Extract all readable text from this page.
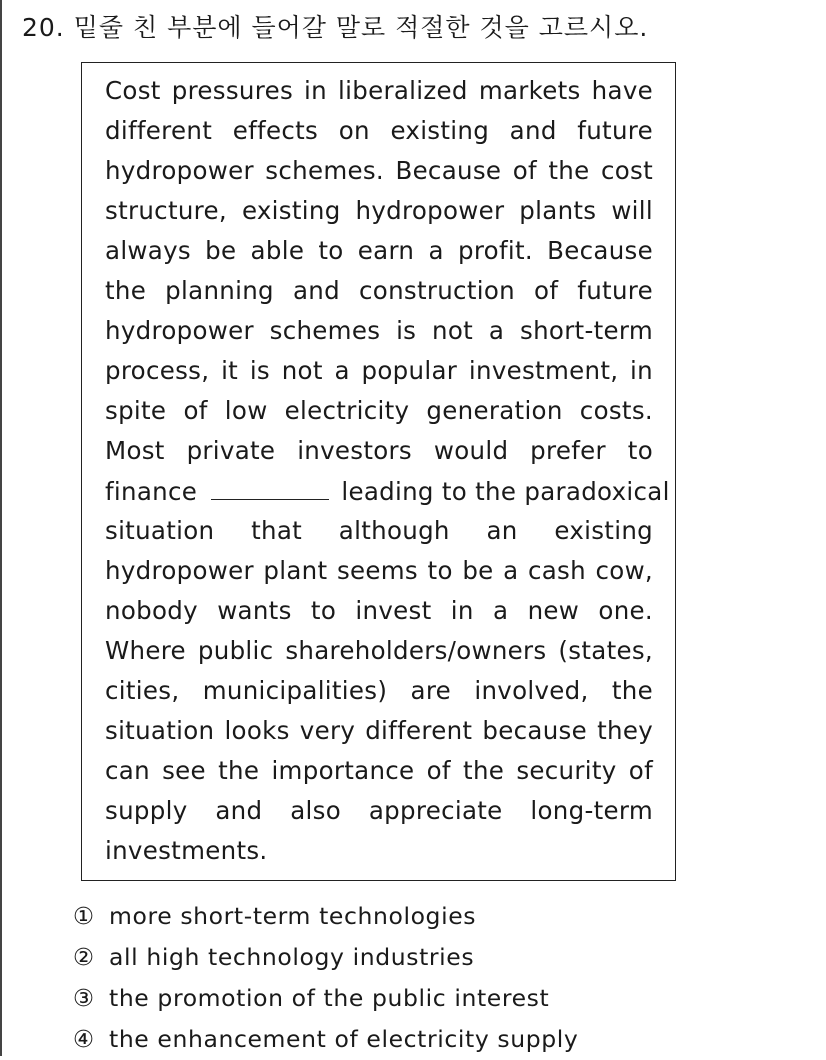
20. 밑줄 친 부분에 들어갈 말로 적절한 것을 고르시오.
Cost pressures in liberalized markets have
different effects on existing and future
hydropower schemes. Because of the cost
structure, existing hydropower plants will
always be able to earn a profit. Because
the planning and construction of future
hydropower schemes is not a short-term
process, it is not a popular investment, in
spite of low electricity generation costs.
Most private investors would prefer to
finance	leading to the paradoxical
situation that although an existing
hydropower plant seems to be a cash cow,
nobody wants to invest in a new one.
Where public shareholders/owners (states,
cities, municipalities) are involved, the
situation looks very different because they
can see the importance of the security of
supply and also appreciate long-term
investments.
① more short-term technologies
② all high technology industries
③ the promotion of the public interest
④ the enhancement of electricity supply
